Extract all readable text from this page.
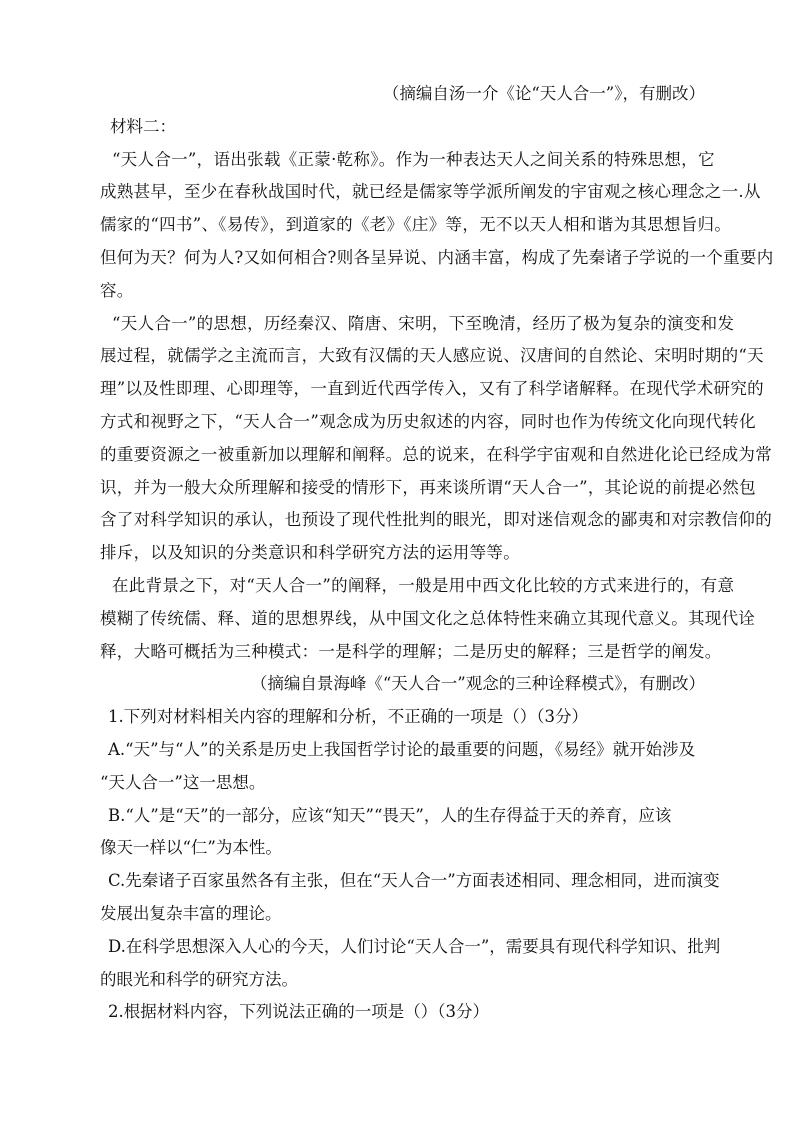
（摘编自汤一介《论“天人合一”》，有删改）
材料二：
“天人合一”，语出张载《正蒙·乾称》。作为一种表达天人之间关系的特殊思想，它
成熟甚早，至少在春秋战国时代，就已经是儒家等学派所阐发的宇宙观之核心理念之一.从
儒家的“四书”、《易传》，到道家的《老》《庄》等，无不以天人相和谐为其思想旨归。
但何为天？何为人?又如何相合?则各呈异说、内涵丰富，构成了先秦诸子学说的一个重要内
容。
“天人合一”的思想，历经秦汉、隋唐、宋明，下至晚清，经历了极为复杂的演变和发
展过程，就儒学之主流而言，大致有汉儒的天人感应说、汉唐间的自然论、宋明时期的“天
理”以及性即理、心即理等，一直到近代西学传入，又有了科学诸解释。在现代学术研究的
方式和视野之下，“天人合一”观念成为历史叙述的内容，同时也作为传统文化向现代转化
的重要资源之一被重新加以理解和阐释。总的说来，在科学宇宙观和自然进化论已经成为常
识，并为一般大众所理解和接受的情形下，再来谈所谓“天人合一”，其论说的前提必然包
含了对科学知识的承认，也预设了现代性批判的眼光，即对迷信观念的鄙夷和对宗教信仰的
排斥，以及知识的分类意识和科学研究方法的运用等等。
在此背景之下，对“天人合一”的阐释，一般是用中西文化比较的方式来进行的，有意
模糊了传统儒、释、道的思想界线，从中国文化之总体特性来确立其现代意义。其现代诠
释，大略可概括为三种模式：一是科学的理解；二是历史的解释；三是哲学的阐发。
（摘编自景海峰《“天人合一”观念的三种诠释模式》，有删改）
1.下列对材料相关内容的理解和分析，不正确的一项是（）（3分）
A.“天”与“人”的关系是历史上我国哲学讨论的最重要的问题，《易经》就开始涉及
“天人合一”这一思想。
B.“人”是“天”的一部分，应该“知天”“畏天”，人的生存得益于天的养育，应该
像天一样以“仁”为本性。
C.先秦诸子百家虽然各有主张，但在“天人合一”方面表述相同、理念相同，进而演变
发展出复杂丰富的理论。
D.在科学思想深入人心的今天，人们讨论“天人合一”，需要具有现代科学知识、批判
的眼光和科学的研究方法。
2.根据材料内容，下列说法正确的一项是（）（3分）
